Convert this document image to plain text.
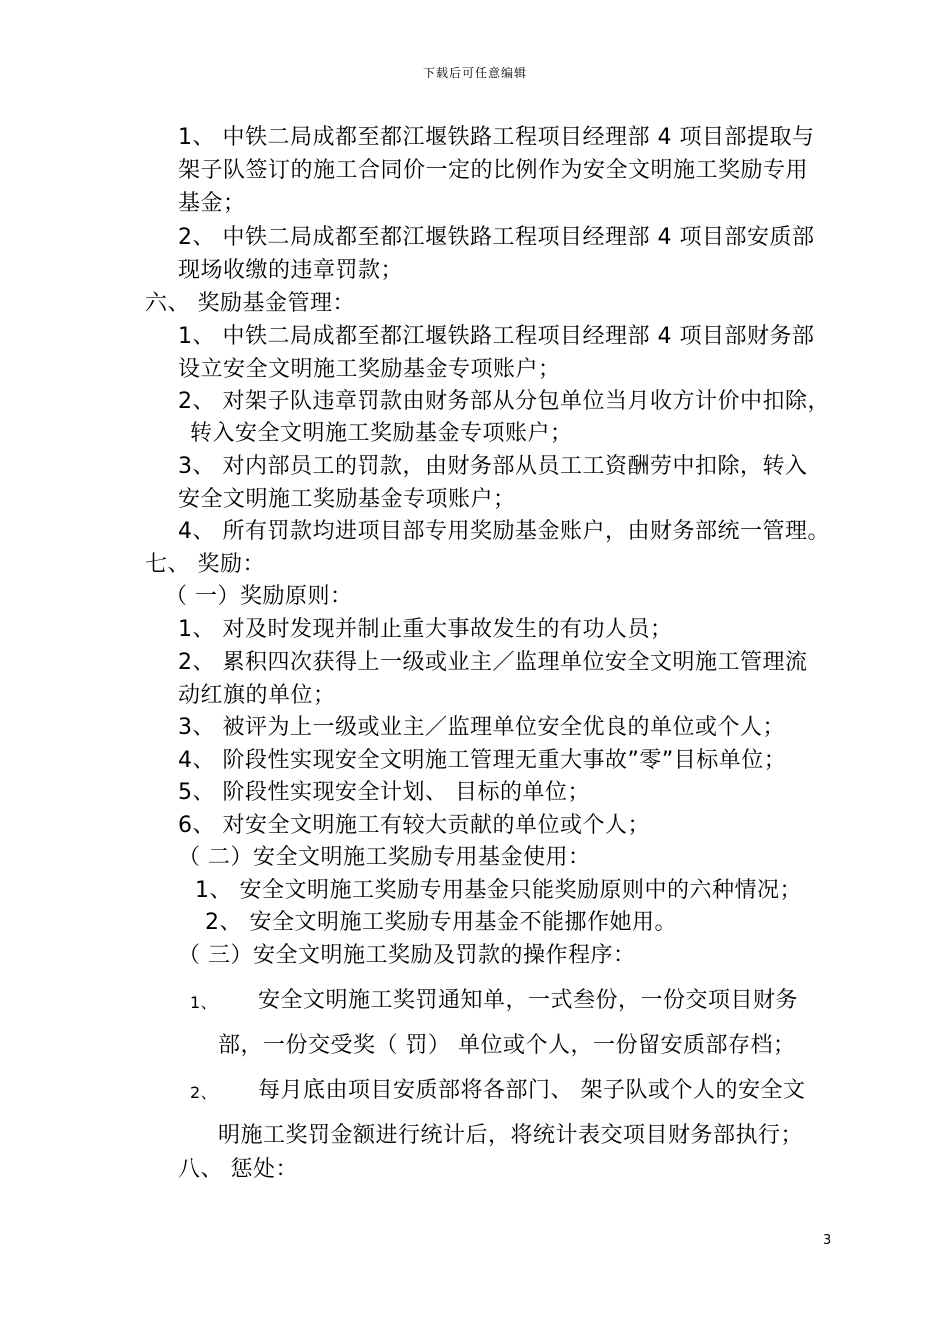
下载后可任意编辑
1、 中铁二局成都至都江堰铁路工程项目经理部 4 项目部提取与
架子队签订的施工合同价一定的比例作为安全文明施工奖励专用
基金；
2、 中铁二局成都至都江堰铁路工程项目经理部 4 项目部安质部
现场收缴的违章罚款；
六、 奖励基金管理：
1、 中铁二局成都至都江堰铁路工程项目经理部 4 项目部财务部
设立安全文明施工奖励基金专项账户；
2、 对架子队违章罚款由财务部从分包单位当月收方计价中扣除，
转入安全文明施工奖励基金专项账户；
3、 对内部员工的罚款，由财务部从员工工资酬劳中扣除，转入
安全文明施工奖励基金专项账户；
4、 所有罚款均进项目部专用奖励基金账户，由财务部统一管理。
七、 奖励：
（ 一）奖励原则：
1、 对及时发现并制止重大事故发生的有功人员；
2、 累积四次获得上一级或业主／监理单位安全文明施工管理流
动红旗的单位；
3、 被评为上一级或业主／监理单位安全优良的单位或个人；
4、 阶段性实现安全文明施工管理无重大事故”零”目标单位；
5、 阶段性实现安全计划、 目标的单位；
6、 对安全文明施工有较大贡献的单位或个人；
（ 二）安全文明施工奖励专用基金使用：
1、 安全文明施工奖励专用基金只能奖励原则中的六种情况；
2、 安全文明施工奖励专用基金不能挪作她用。
（ 三）安全文明施工奖励及罚款的操作程序：
1、 安全文明施工奖罚通知单，一式叁份，一份交项目财务
部，一份交受奖（ 罚） 单位或个人，一份留安质部存档；
2、 每月底由项目安质部将各部门、 架子队或个人的安全文
明施工奖罚金额进行统计后，将统计表交项目财务部执行；
八、 惩处：
3
